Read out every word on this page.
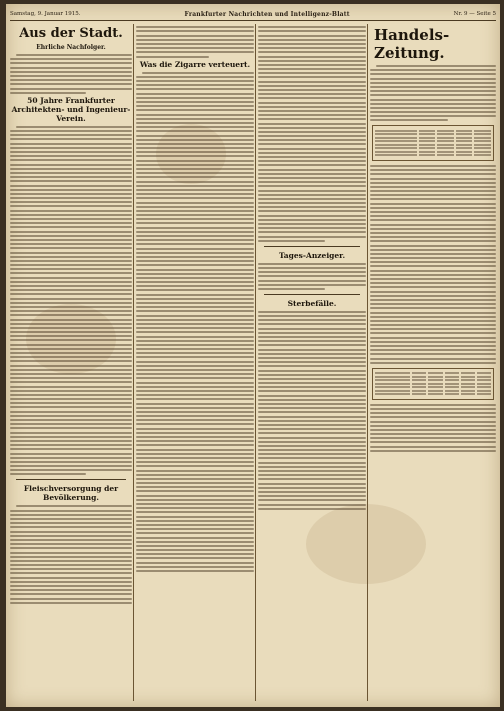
Samstag, 9. Januar 1915.	Frankfurter Nachrichten und Intelligenz-Blatt	Nr. 9 — Seite 5
Aus der Stadt.
Ehrliche Nachfolger.
50 Jahre Frankfurter Architekten- und Ingenieur-Verein.
Fleischversorgung der Bevölkerung.
Was die Zigarre verteuert.
Tages-Anzeiger.
Sterbefälle.
Handels-Zeitung.
